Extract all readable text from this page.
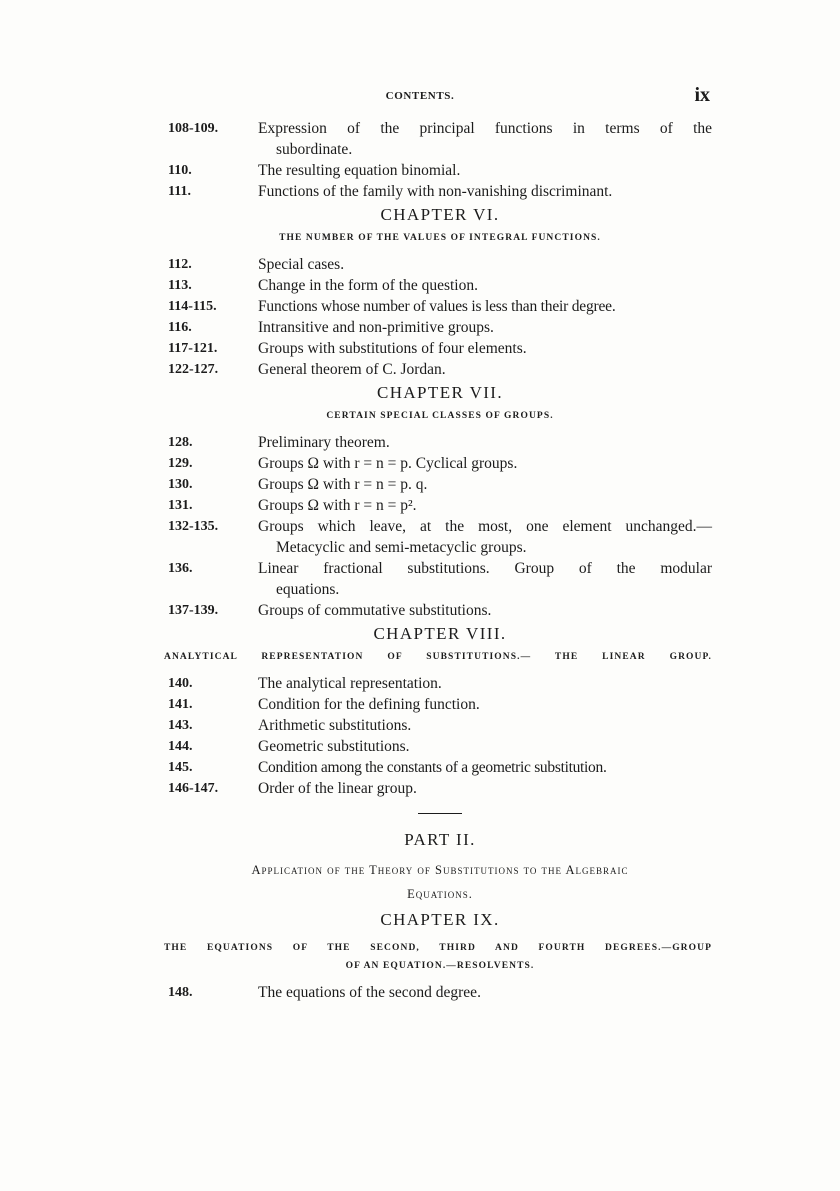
CONTENTS.	ix
108-109.	Expression of the principal functions in terms of the
subordinate.
110.	The resulting equation binomial.
111.	Functions of the family with non-vanishing discriminant.
CHAPTER VI.
THE NUMBER OF THE VALUES OF INTEGRAL FUNCTIONS.
112.	Special cases.
113.	Change in the form of the question.
114-115.	Functions whose number of values is less than their degree.
116.	Intransitive and non-primitive groups.
117-121.	Groups with substitutions of four elements.
122-127.	General theorem of C. Jordan.
CHAPTER VII.
CERTAIN SPECIAL CLASSES OF GROUPS.
128.	Preliminary theorem.
129.	Groups Ω with r = n = p. Cyclical groups.
130.	Groups Ω with r = n = p. q.
131.	Groups Ω with r = n = p².
132-135.	Groups which leave, at the most, one element unchanged.—
Metacyclic and semi-metacyclic groups.
136.	Linear fractional substitutions. Group of the modular
equations.
137-139.	Groups of commutative substitutions.
CHAPTER VIII.
ANALYTICAL REPRESENTATION OF SUBSTITUTIONS.— THE LINEAR GROUP.
140.	The analytical representation.
141.	Condition for the defining function.
143.	Arithmetic substitutions.
144.	Geometric substitutions.
145.	Condition among the constants of a geometric substitution.
146-147.	Order of the linear group.
PART II.
Application of the Theory of Substitutions to the Algebraic
Equations.
CHAPTER IX.
THE EQUATIONS OF THE SECOND, THIRD AND FOURTH DEGREES.—GROUP
OF AN EQUATION.—RESOLVENTS.
148.	The equations of the second degree.
